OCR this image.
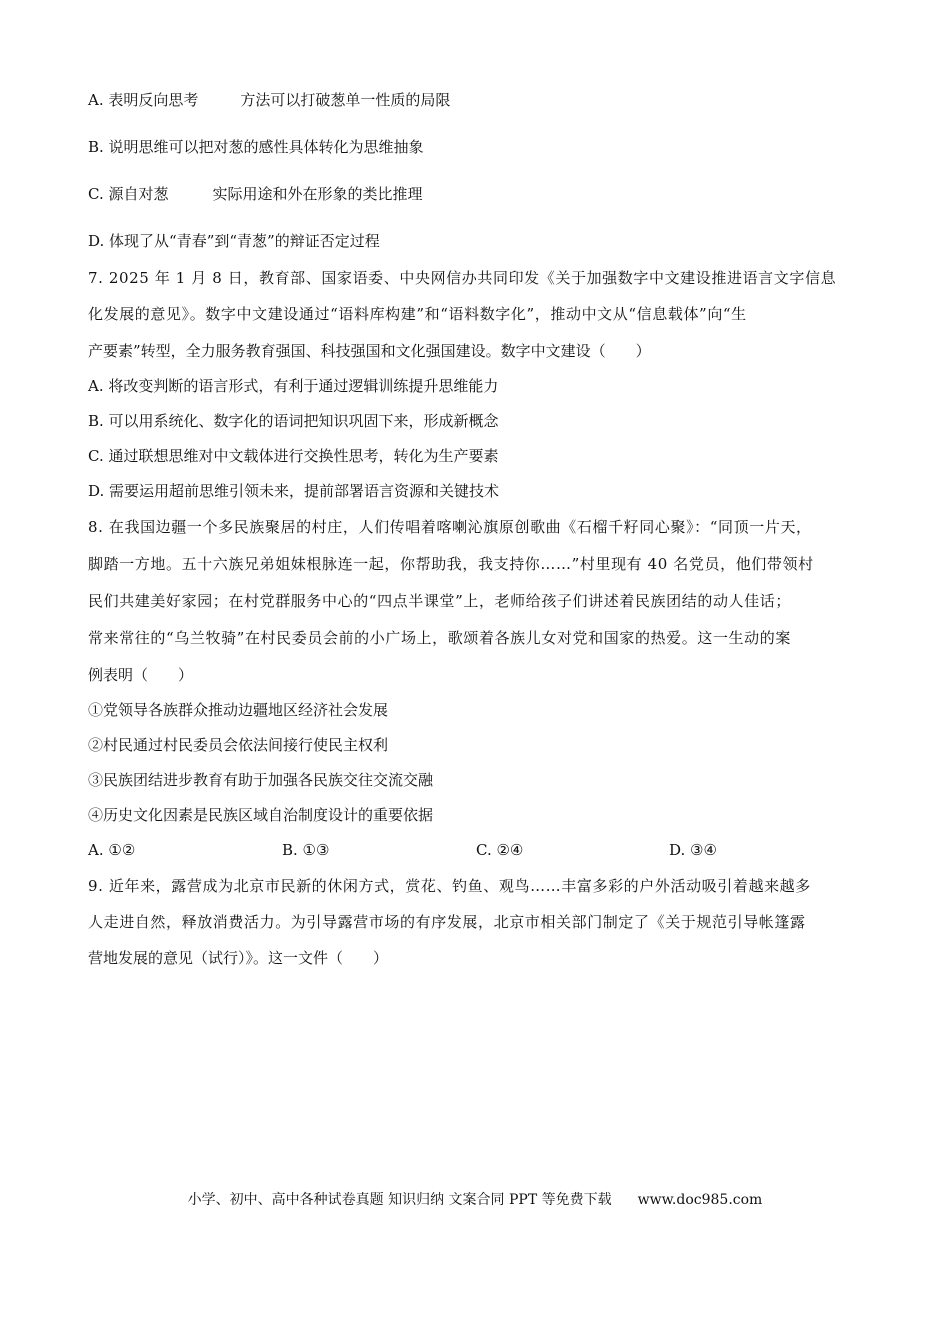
A. 表明反向思考	方法可以打破葱单一性质的局限
B. 说明思维可以把对葱的感性具体转化为思维抽象
C. 源自对葱	实际用途和外在形象的类比推理
D. 体现了从“青春”到“青葱”的辩证否定过程
7. 2025 年 1 月 8 日，教育部、国家语委、中央网信办共同印发《关于加强数字中文建设推进语言文字信息
化发展的意见》。数字中文建设通过“语料库构建”和“语料数字化”，推动中文从“信息载体”向“生
产要素”转型，全力服务教育强国、科技强国和文化强国建设。数字中文建设（　　）
A. 将改变判断的语言形式，有利于通过逻辑训练提升思维能力
B. 可以用系统化、数字化的语词把知识巩固下来，形成新概念
C. 通过联想思维对中文载体进行交换性思考，转化为生产要素
D. 需要运用超前思维引领未来，提前部署语言资源和关键技术
8. 在我国边疆一个多民族聚居的村庄，人们传唱着喀喇沁旗原创歌曲《石榴千籽同心聚》：“同顶一片天，
脚踏一方地。五十六族兄弟姐妹根脉连一起，你帮助我，我支持你……”村里现有 40 名党员，他们带领村
民们共建美好家园；在村党群服务中心的“四点半课堂”上，老师给孩子们讲述着民族团结的动人佳话；
常来常往的“乌兰牧骑”在村民委员会前的小广场上，歌颂着各族儿女对党和国家的热爱。这一生动的案
例表明（　　）
①党领导各族群众推动边疆地区经济社会发展
②村民通过村民委员会依法间接行使民主权利
③民族团结进步教育有助于加强各民族交往交流交融
④历史文化因素是民族区域自治制度设计的重要依据
A. ①②	B. ①③	C. ②④	D. ③④
9. 近年来，露营成为北京市民新的休闲方式，赏花、钓鱼、观鸟……丰富多彩的户外活动吸引着越来越多
人走进自然，释放消费活力。为引导露营市场的有序发展，北京市相关部门制定了《关于规范引导帐篷露
营地发展的意见（试行）》。这一文件（　　）
小学、初中、高中各种试卷真题 知识归纳 文案合同 PPT 等免费下载 www.doc985.com
